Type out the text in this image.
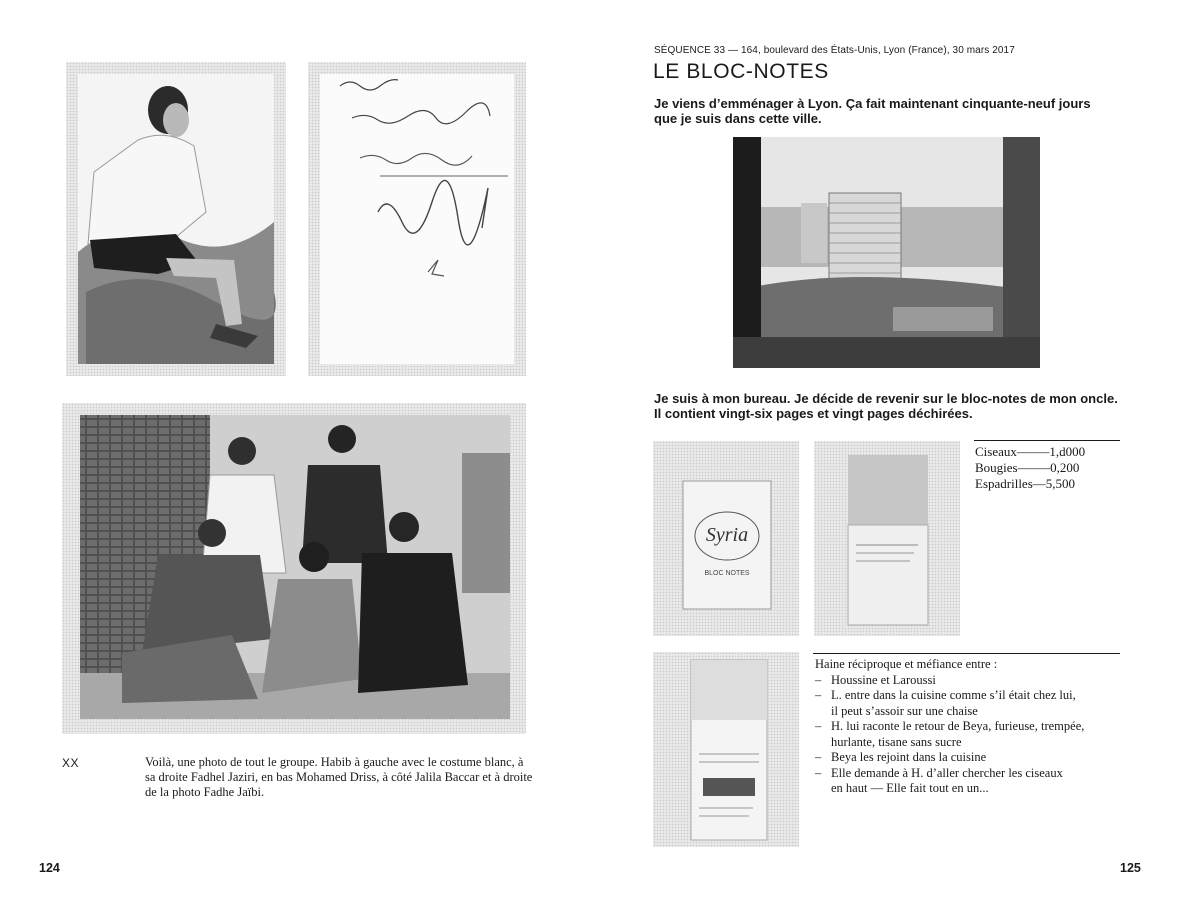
XX	Voilà, une photo de tout le groupe. Habib à gauche avec le costume blanc, à sa droite Fadhel Jaziri, en bas Mohamed Driss, à côté Jalila Baccar et à droite de la photo Fadhe Jaïbi.
124
SÉQUENCE 33 — 164, boulevard des États-Unis, Lyon (France), 30 mars 2017
LE BLOC-NOTES
Je viens d’emménager à Lyon. Ça fait maintenant cinquante-neuf jours que je suis dans cette ville.
Je suis à mon bureau. Je décide de revenir sur le bloc-notes de mon oncle. Il contient vingt-six pages et vingt pages déchirées.
Syria
BLOC NOTES
Ciseaux ––––– 1,d000
Bougies ––––– 0,200
Espadrilles –– 5,500
Haine réciproque et méfiance entre :
– Houssine et Laroussi
– L. entre dans la cuisine comme s’il était chez lui,
il peut s’assoir sur une chaise
– H. lui raconte le retour de Beya, furieuse, trempée,
hurlante, tisane sans sucre
– Beya les rejoint dans la cuisine
– Elle demande à H. d’aller chercher les ciseaux
en haut –– Elle fait tout en un...
125
